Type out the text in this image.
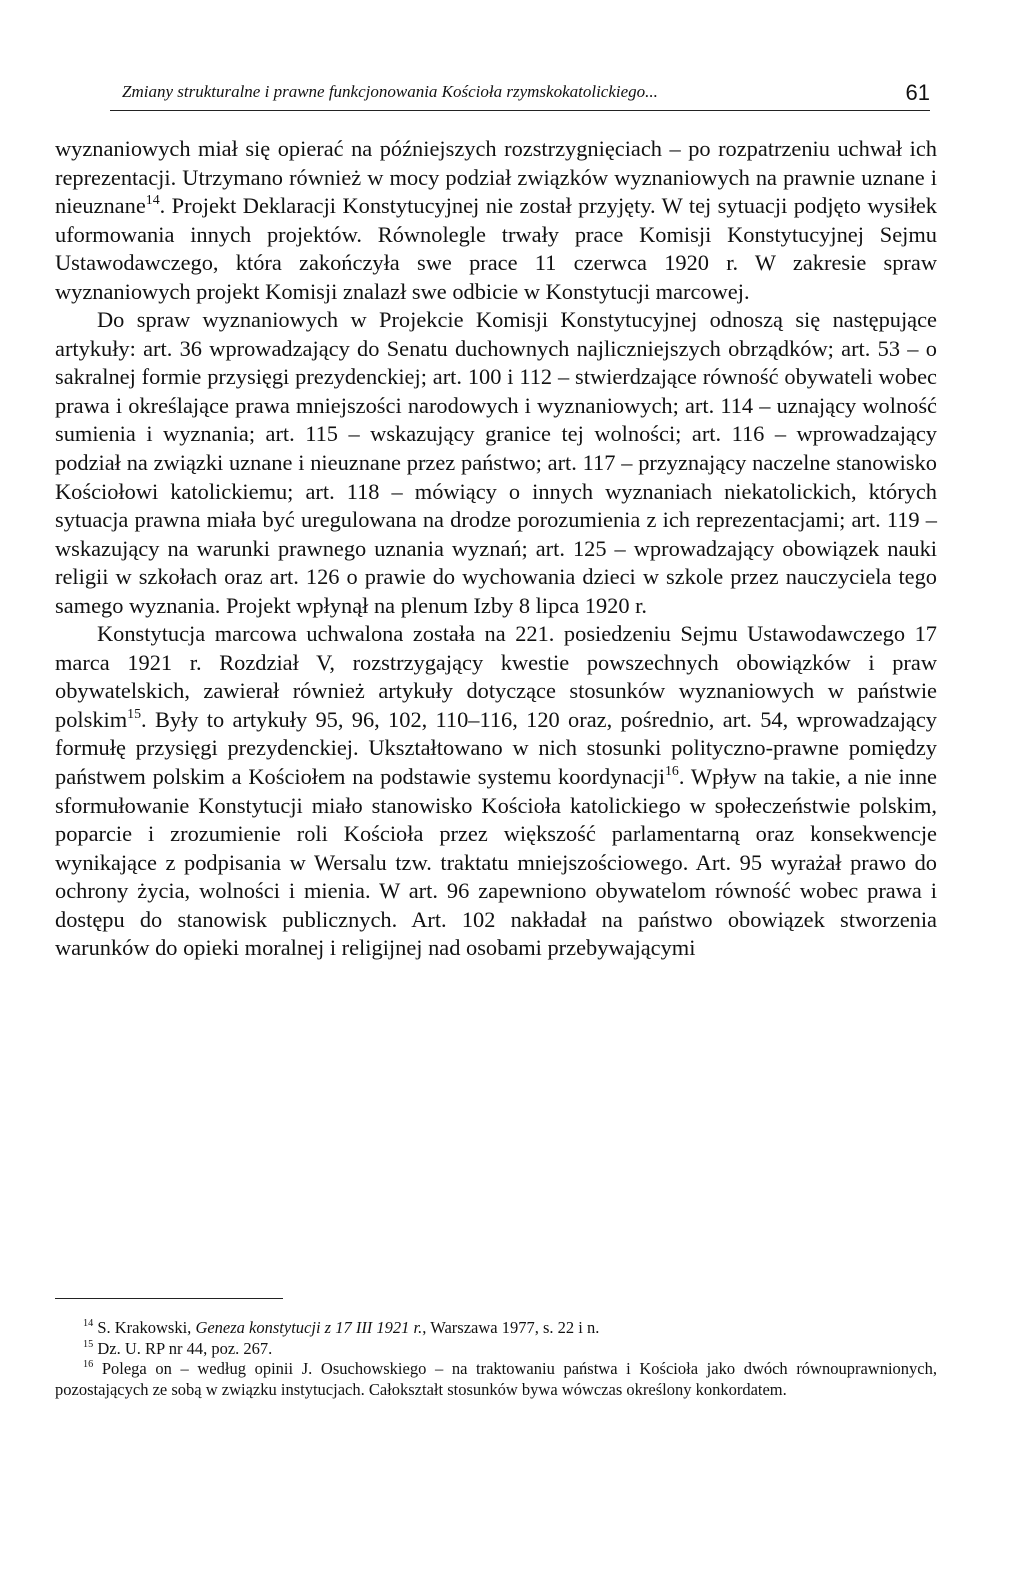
Zmiany strukturalne i prawne funkcjonowania Kościoła rzymskokatolickiego...	61

wyznaniowych miał się opierać na późniejszych rozstrzygnięciach – po rozpatrzeniu uchwał ich reprezentacji. Utrzymano również w mocy podział związków wyznaniowych na prawnie uznane i nieuznane$^{14}$. Projekt Deklaracji Konstytucyjnej nie został przyjęty. W tej sytuacji podjęto wysiłek uformowania innych projektów. Równolegle trwały prace Komisji Konstytucyjnej Sejmu Ustawodawczego, która zakończyła swe prace 11 czerwca 1920 r. W zakresie spraw wyznaniowych projekt Komisji znalazł swe odbicie w Konstytucji marcowej.

Do spraw wyznaniowych w Projekcie Komisji Konstytucyjnej odnoszą się następujące artykuły: art. 36 wprowadzający do Senatu duchownych najliczniejszych obrządków; art. 53 – o sakralnej formie przysięgi prezydenckiej; art. 100 i 112 – stwierdzające równość obywateli wobec prawa i określające prawa mniejszości narodowych i wyznaniowych; art. 114 – uznający wolność sumienia i wyznania; art. 115 – wskazujący granice tej wolności; art. 116 – wprowadzający podział na związki uznane i nieuznane przez państwo; art. 117 – przyznający naczelne stanowisko Kościołowi katolickiemu; art. 118 – mówiący o innych wyznaniach niekatolickich, których sytuacja prawna miała być uregulowana na drodze porozumienia z ich reprezentacjami; art. 119 – wskazujący na warunki prawnego uznania wyznań; art. 125 – wprowadzający obowiązek nauki religii w szkołach oraz art. 126 o prawie do wychowania dzieci w szkole przez nauczyciela tego samego wyznania. Projekt wpłynął na plenum Izby 8 lipca 1920 r.

Konstytucja marcowa uchwalona została na 221. posiedzeniu Sejmu Ustawodawczego 17 marca 1921 r. Rozdział V, rozstrzygający kwestie powszechnych obowiązków i praw obywatelskich, zawierał również artykuły dotyczące stosunków wyznaniowych w państwie polskim$^{15}$. Były to artykuły 95, 96, 102, 110–116, 120 oraz, pośrednio, art. 54, wprowadzający formułę przysięgi prezydenckiej. Ukształtowano w nich stosunki polityczno-prawne pomiędzy państwem polskim a Kościołem na podstawie systemu koordynacji$^{16}$. Wpływ na takie, a nie inne sformułowanie Konstytucji miało stanowisko Kościoła katolickiego w społeczeństwie polskim, poparcie i zrozumienie roli Kościoła przez większość parlamentarną oraz konsekwencje wynikające z podpisania w Wersalu tzw. traktatu mniejszościowego. Art. 95 wyrażał prawo do ochrony życia, wolności i mienia. W art. 96 zapewniono obywatelom równość wobec prawa i dostępu do stanowisk publicznych. Art. 102 nakładał na państwo obowiązek stworzenia warunków do opieki moralnej i religijnej nad osobami przebywającymi

$^{14}$ S. Krakowski, Geneza konstytucji z 17 III 1921 r., Warszawa 1977, s. 22 i n.

$^{15}$ Dz. U. RP nr 44, poz. 267.

$^{16}$ Polega on – według opinii J. Osuchowskiego – na traktowaniu państwa i Kościoła jako dwóch równouprawnionych, pozostających ze sobą w związku instytucjach. Całokształt stosunków bywa wówczas określony konkordatem.
